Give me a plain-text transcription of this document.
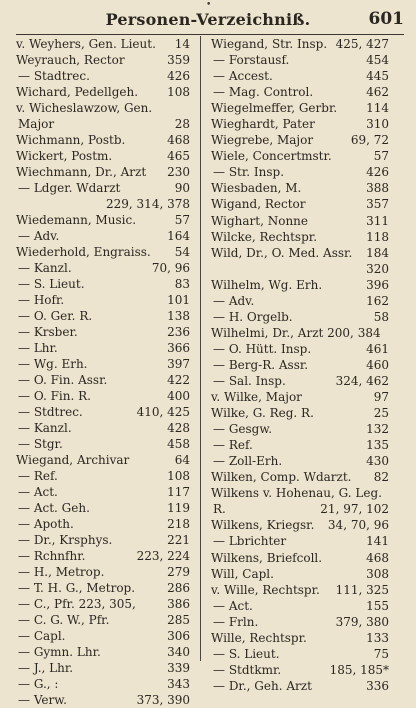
•
Personen-Verzeichniß.	601
v. Weyhers, Gen. Lieut. 14
Weyrauch, Rector	359
— Stadtrec.	426
Wichard, Pedellgeh. 108
v. Wicheslawzow, Gen.
Major	28
Wichmann, Postb.	468
Wickert, Postm.	465
Wiechmann, Dr., Arzt 230
— Ldger. Wdarzt	90
229, 314, 378
Wiedemann, Music.	57
— Adv.	164
Wiederhold, Engraiss. 54
— Kanzl.	70, 96
— S. Lieut.	83
— Hofr.	101
— O. Ger. R.	138
— Krsber.	236
— Lhr.	366
— Wg. Erh.	397
— O. Fin. Assr.	422
— O. Fin. R.	400
— Stdtrec.	410, 425
— Kanzl.	428
— Stgr.	458
Wiegand, Archivar	64
— Ref.	108
— Act.	117
— Act. Geh.	119
— Apoth.	218
— Dr., Krsphys.	221
— Rchnfhr.	223, 224
— H., Metrop.	279
— T. H. G., Metrop.	286
— C., Pfr. 223, 305,	386
— C. G. W., Pfr.	285
— Capl.	306
— Gymn. Lhr.	340
— J., Lhr.	339
— G., :	343
— Verw.	373, 390
Wiegand, Str. Insp. 425, 427
— Forstausf.	454
— Accest.	445
— Mag. Control.	462
Wiegelmeffer, Gerbr. 114
Wieghardt, Pater	310
Wiegrebe, Major	69, 72
Wiele, Concertmstr.	57
— Str. Insp.	426
Wiesbaden, M.	388
Wigand, Rector	357
Wighart, Nonne	311
Wilcke, Rechtspr.	118
Wild, Dr., O. Med. Assr. 184
320
Wilhelm, Wg. Erh.	396
— Adv.	162
— H. Orgelb.	58
Wilhelmi, Dr., Arzt 200, 384
— O. Hütt. Insp.	461
— Berg-R. Assr.	460
— Sal. Insp.	324, 462
v. Wilke, Major	97
Wilke, G. Reg. R.	25
— Gesgw.	132
— Ref.	135
— Zoll-Erh.	430
Wilken, Comp. Wdarzt. 82
Wilkens v. Hohenau, G. Leg.
R.	21, 97, 102
Wilkens, Kriegsr. 34, 70, 96
— Lbrichter	141
Wilkens, Briefcoll.	468
Will, Capl.	308
v. Wille, Rechtspr. 111, 325
— Act.	155
— Frln.	379, 380
Wille, Rechtspr.	133
— S. Lieut.	75
— Stdtkmr.	185, 185*
— Dr., Geh. Arzt	336
